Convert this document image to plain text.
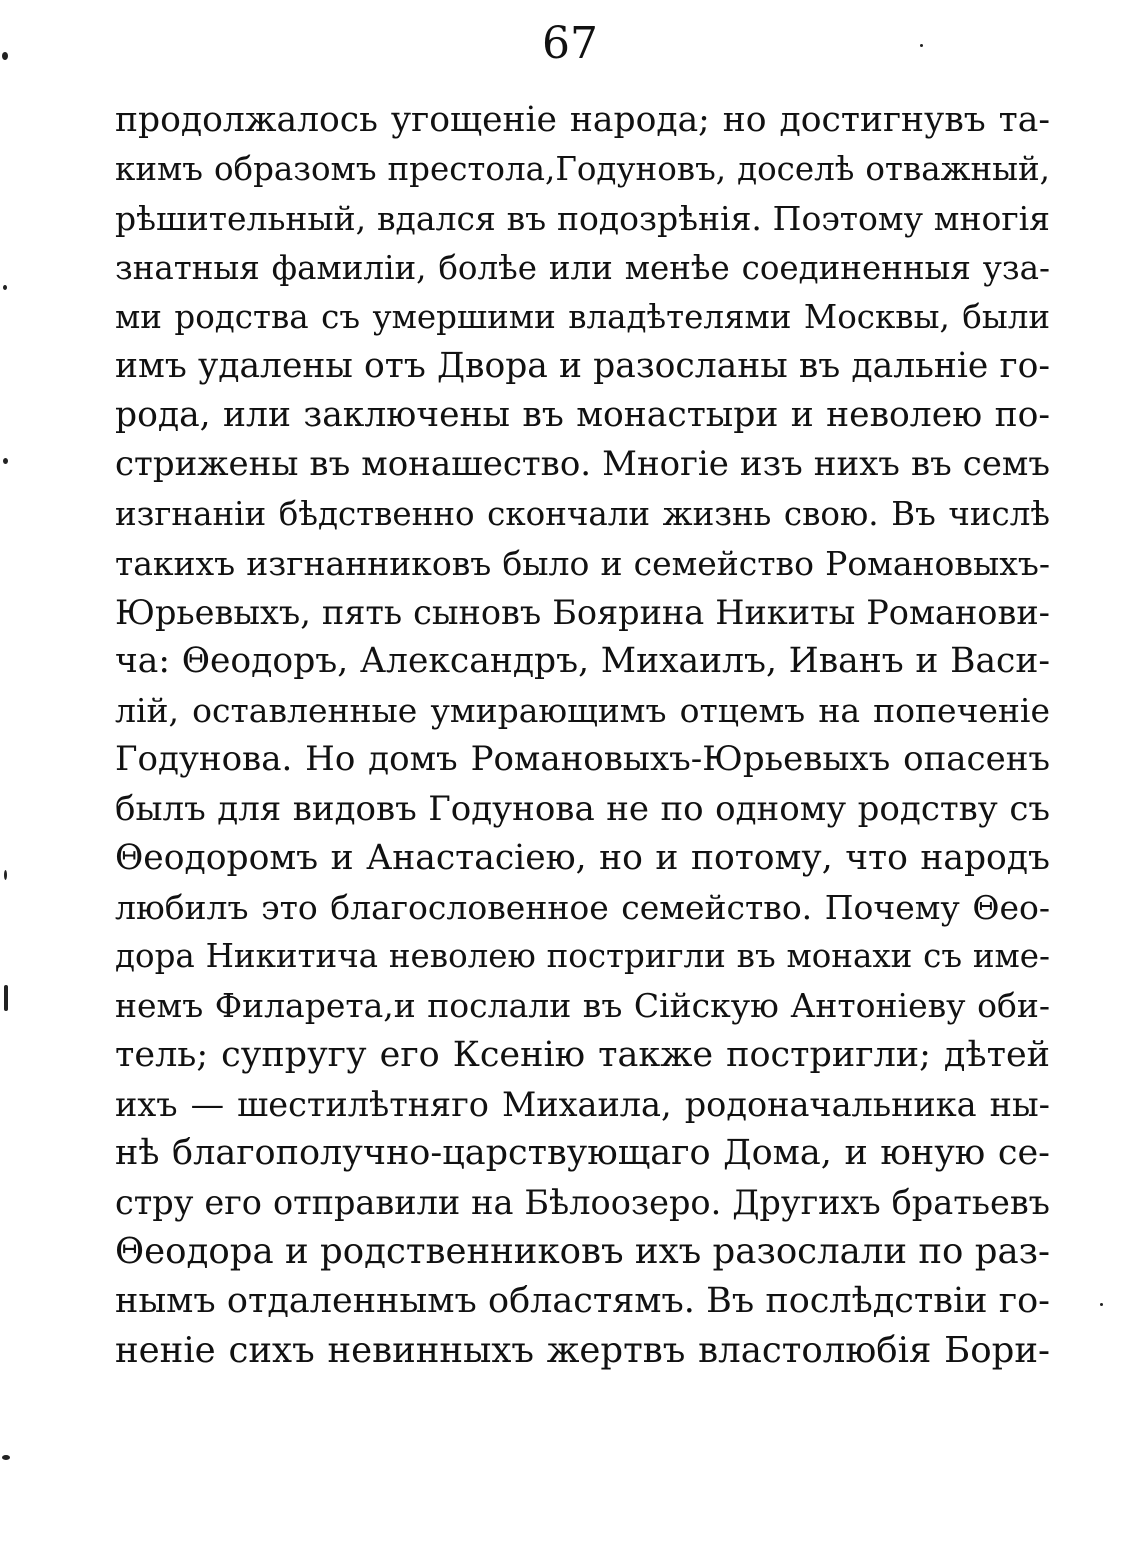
67
продолжалось угощеніе народа; но достигнувъ та-
кимъ образомъ престола,Годуновъ, доселѣ отважный,
рѣшительный, вдался въ подозрѣнія. Поэтому многія
знатныя фамиліи, болѣе или менѣе соединенныя уза-
ми родства съ умершими владѣтелями Москвы, были
имъ удалены отъ Двора и разосланы въ дальніе го-
рода, или заключены въ монастыри и неволею по-
стрижены въ монашество. Многіе изъ нихъ въ семъ
изгнаніи бѣдственно скончали жизнь свою. Въ числѣ
такихъ изгнанниковъ было и семейство Романовыхъ-
Юрьевыхъ, пять сыновъ Боярина Никиты Романови-
ча: Θеодоръ, Александръ, Михаилъ, Иванъ и Васи-
лій, оставленные умирающимъ отцемъ на попеченіе
Годунова. Но домъ Романовыхъ-Юрьевыхъ опасенъ
былъ для видовъ Годунова не по одному родству съ
Θеодоромъ и Анастасіею, но и потому, что народъ
любилъ это благословенное семейство. Почему Θео-
дора Никитича неволею постригли въ монахи съ име-
немъ Филарета,и послали въ Сійскую Антоніеву оби-
тель; супругу его Ксенію также постригли; дѣтей
ихъ — шестилѣтняго Михаила, родоначальника ны-
нѣ благополучно-царствующаго Дома, и юную се-
стру его отправили на Бѣлоозеро. Другихъ братьевъ
Θеодора и родственниковъ ихъ разослали по раз-
нымъ отдаленнымъ областямъ. Въ послѣдствіи го-
неніе сихъ невинныхъ жертвъ властолюбія Бори-
